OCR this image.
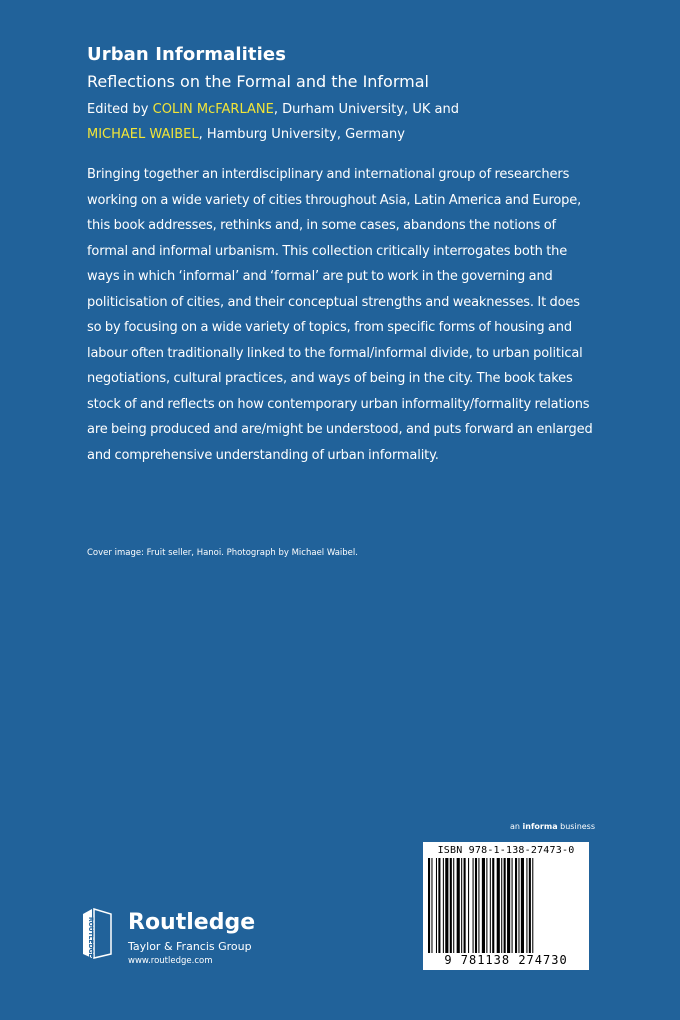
Urban Informalities
Reflections on the Formal and the Informal
Edited by COLIN McFARLANE, Durham University, UK and
MICHAEL WAIBEL, Hamburg University, Germany

Bringing together an interdisciplinary and international group of researchers working on a wide variety of cities throughout Asia, Latin America and Europe, this book addresses, rethinks and, in some cases, abandons the notions of formal and informal urbanism. This collection critically interrogates both the ways in which ‘informal’ and ‘formal’ are put to work in the governing and politicisation of cities, and their conceptual strengths and weaknesses. It does so by focusing on a wide variety of topics, from specific forms of housing and labour often traditionally linked to the formal/informal divide, to urban political negotiations, cultural practices, and ways of being in the city. The book takes stock of and reflects on how contemporary urban informality/formality relations are being produced and are/might be understood, and puts forward an enlarged and comprehensive understanding of urban informality.

Cover image: Fruit seller, Hanoi. Photograph by Michael Waibel.
an informa business
ROUTLEDGE Routledge
Taylor & Francis Group
www.routledge.com
ISBN 978-1-138-27473-0
9 781138 274730
